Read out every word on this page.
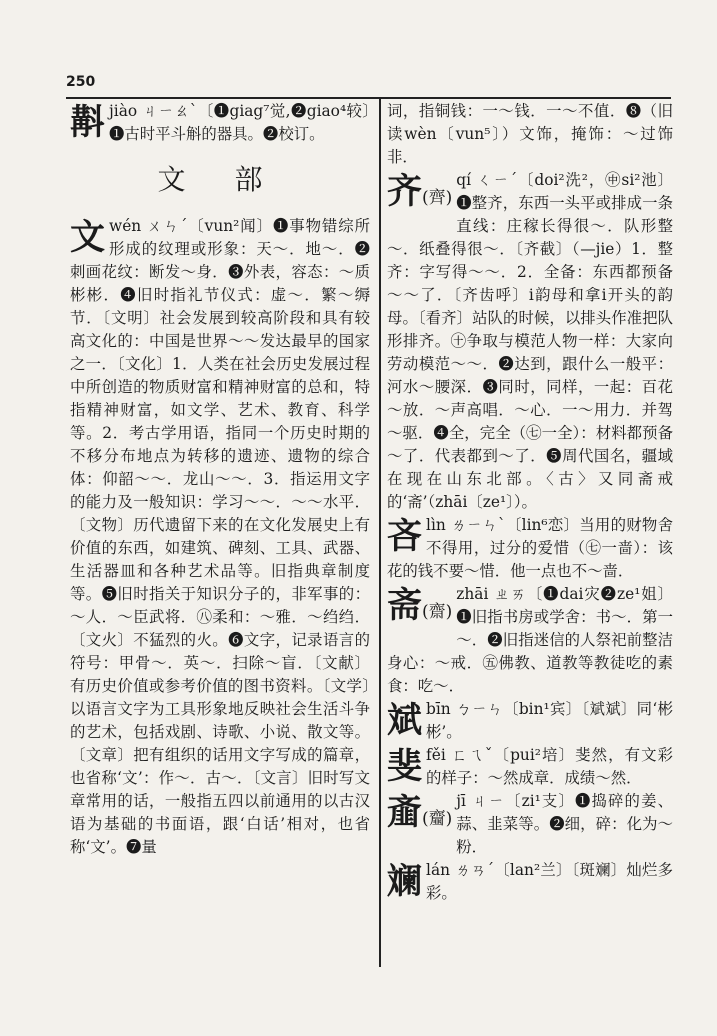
250

斠 jiào ㄐㄧㄠˋ〔❶giag⁷觉,❷giao⁴较〕❶古时平斗斛的器具。❷校订。

文 部

文 wén ㄨㄣˊ〔vun²闻〕❶事物错综所形成的纹理或形象：天～．地～．❷刺画花纹：断发～身．❸外表，容态：～质彬彬．❹旧时指礼节仪式：虚～．繁～缛节．〔文明〕社会发展到较高阶段和具有较高文化的：中国是世界～～发达最早的国家之一．〔文化〕1．人类在社会历史发展过程中所创造的物质财富和精神财富的总和，特指精神财富，如文学、艺术、教育、科学等。2．考古学用语，指同一个历史时期的不移分布地点为转移的遗迹、遗物的综合体：仰韶～～．龙山～～．3．指运用文字的能力及一般知识：学习～～．～～水平．〔文物〕历代遗留下来的在文化发展史上有价值的东西，如建筑、碑刻、工具、武器、生活器皿和各种艺术品等。旧指典章制度等。❺旧时指关于知识分子的，非军事的：～人．～臣武将．㊇柔和：～雅．～绉绉．〔文火〕不猛烈的火。❻文字，记录语言的符号：甲骨～．英～．扫除～盲．〔文献〕有历史价值或参考价值的图书资料。〔文学〕以语言文字为工具形象地反映社会生活斗争的艺术，包括戏剧、诗歌、小说、散文等。〔文章〕把有组织的话用文字写成的篇章，也省称‘文’：作～．古～．〔文言〕旧时写文章常用的话，一般指五四以前通用的以古汉语为基础的书面语，跟‘白话’相对，也省称‘文’。❼量

词，指铜钱：一～钱．一～不值．❽（旧读wèn〔vun⁵〕）文饰，掩饰：～过饰非．

齐(齊)
qí ㄑㄧˊ〔doi²洗²，㊥si²池〕❶整齐，东西一头平或排成一条直线：庄稼长得很～．队形整～．纸叠得很～．〔齐截〕（—jie）1．整齐：字写得～～．2．全备：东西都预备～～了．〔齐齿呼〕i韵母和拿i开头的韵母。〔看齐〕站队的时候，以排头作准把队形排齐。㊉争取与模范人物一样：大家向劳动模范～～．❷达到，跟什么一般平：河水～腰深．❸同时，同样，一起：百花～放．～声高唱．～心．一～用力．并驾～驱．❹全，完全（㊆一全）：材料都预备～了．代表都到～了．❺周代国名，疆域在现在山东北部。〈古〉又同斋戒的‘斋’（zhāi〔ze¹〕）。

吝 lìn ㄌㄧㄣˋ〔lin⁶恋〕当用的财物舍不得用，过分的爱惜（㊆一啬）：该花的钱不要～惜．他一点也不～啬．

斋(齋)
zhāi ㄓㄞ〔❶dai灾❷ze¹姐〕❶旧指书房或学舍：书～．第一～．❷旧指迷信的人祭祀前整洁身心：～戒．㊄佛教、道教等教徒吃的素食：吃～．

斌 bīn ㄅㄧㄣ〔bin¹宾〕〔斌斌〕同‘彬彬’。

斐 fěi ㄈㄟˇ〔pui²培〕斐然，有文彩的样子：～然成章．成绩～然．

齑(齏)
jī ㄐㄧ〔zi¹支〕❶捣碎的姜、蒜、韭菜等。❷细，碎：化为～粉．

斓 lán ㄌㄢˊ〔lan²兰〕〔斑斓〕灿烂多彩。
